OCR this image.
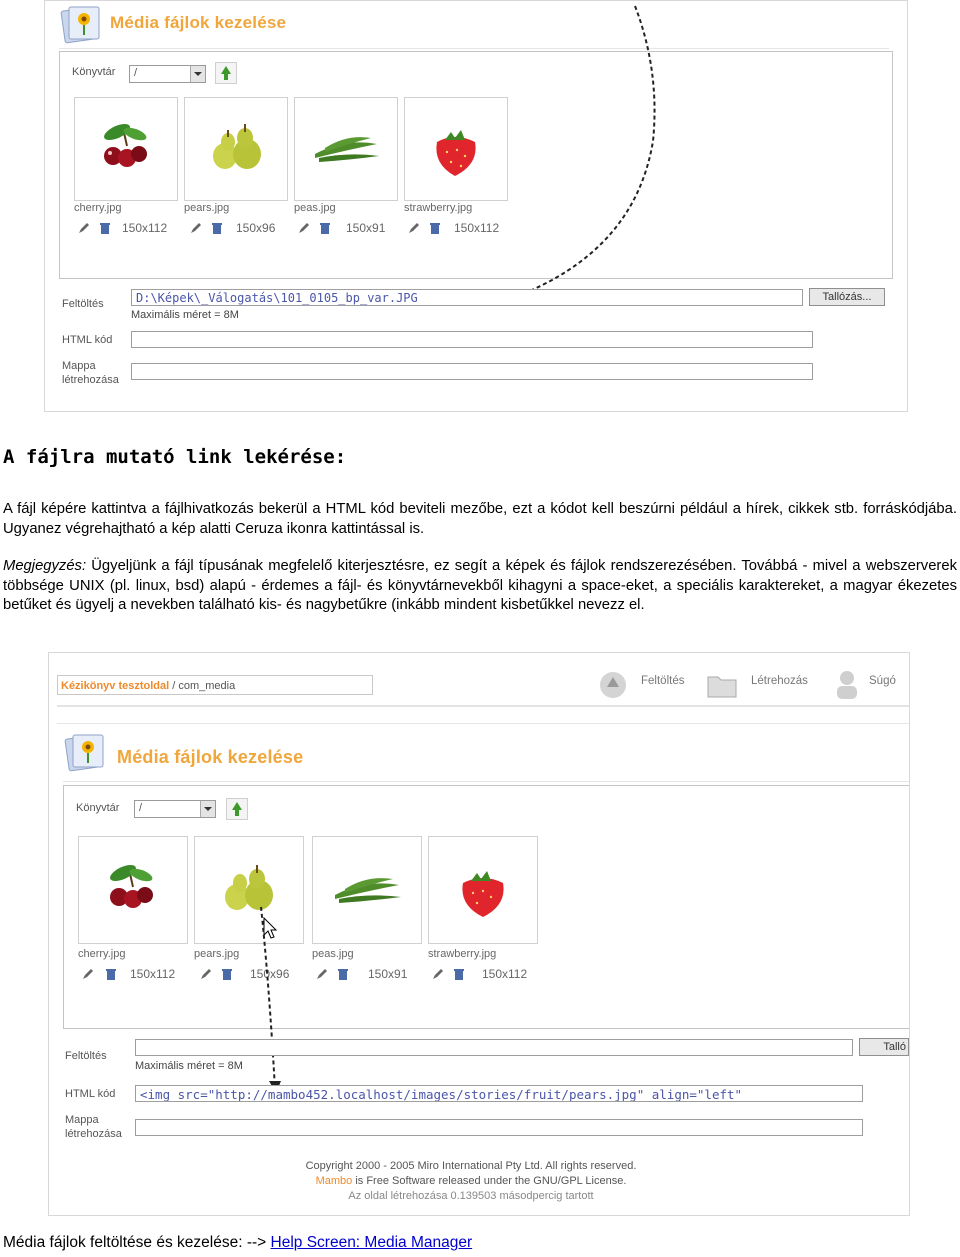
Média fájlok kezelése
Könyvtár /
cherry.jpg	pears.jpg	peas.jpg	strawberry.jpg
150x112	150x96	150x91	150x112
Feltöltés	D:\Képek\_Válogatás\101_0105_bp_var.JPG	Tallózás...
Maximális méret = 8M
HTML kód
Mappa
létrehozása
A fájlra mutató link lekérése:
A fájl képére kattintva a fájlhivatkozás bekerül a HTML kód beviteli mezőbe, ezt a kódot kell beszúrni például a hírek, cikkek stb. forráskódjába. Ugyanez végrehajtható a kép alatti Ceruza ikonra kattintással is.
Megjegyzés: Ügyeljünk a fájl típusának megfelelő kiterjesztésre, ez segít a képek és fájlok rendszerezésében. Továbbá - mivel a webszerverek többsége UNIX (pl. linux, bsd) alapú - érdemes a fájl- és könyvtárnevekből kihagyni a space-eket, a speciális karaktereket, a magyar ékezetes betűket és ügyelj a nevekben található kis- és nagybetűkre (inkább mindent kisbetűkkel nevezz el.
Kézikönyv tesztoldal / com_media	Feltöltés	Létrehozás	Súgó
Média fájlok kezelése
Könyvtár /
cherry.jpg	pears.jpg	peas.jpg	strawberry.jpg
150x112	150x96	150x91	150x112
Feltöltés
Talló
Maximális méret = 8M
HTML kód	<img src="http://mambo452.localhost/images/stories/fruit/pears.jpg" align="left"
Mappa
létrehozása
Copyright 2000 - 2005 Miro International Pty Ltd. All rights reserved.
Mambo is Free Software released under the GNU/GPL License.
Az oldal létrehozása 0.139503 másodpercig tartott
Média fájlok feltöltése és kezelése: --> Help Screen: Media Manager
